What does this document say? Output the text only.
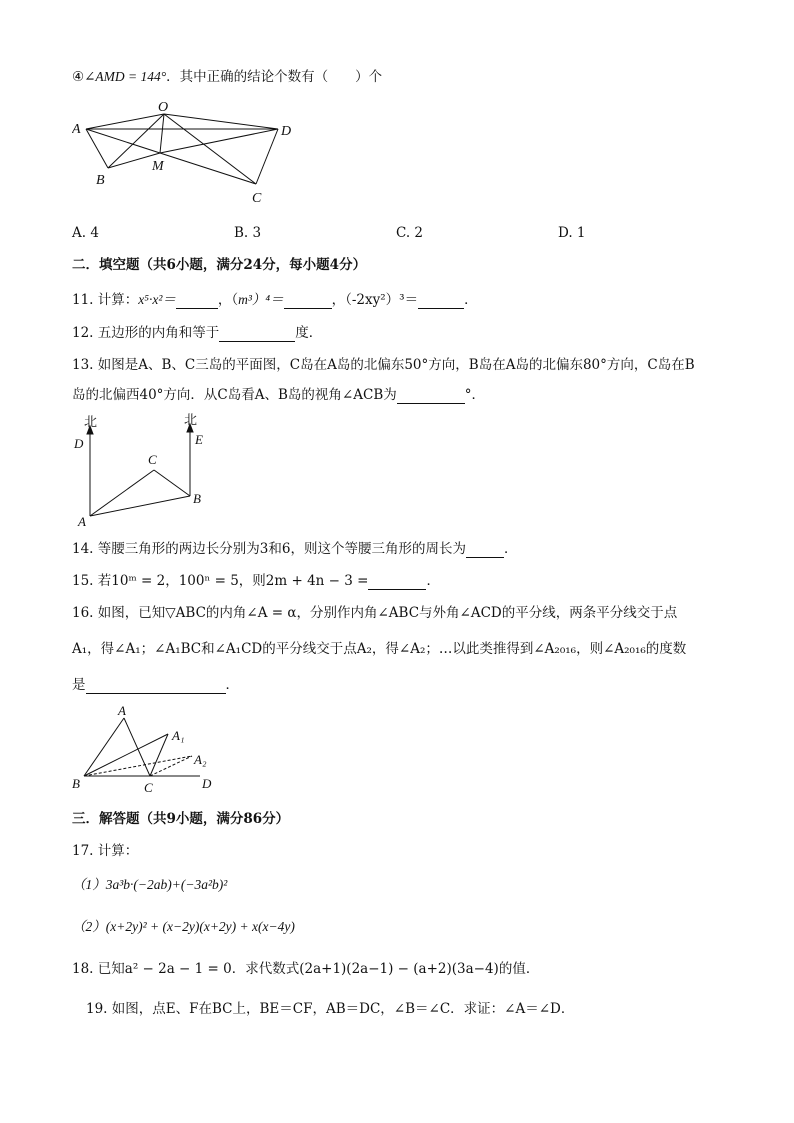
④∠AMD = 144°．其中正确的结论个数有（　　）个
A
O
D
B
M
C
A. 4	B. 3	C. 2	D. 1
二．填空题（共6小题，满分24分，每小题4分）
11. 计算：x⁵·x²＝	，（m³）⁴＝	，（-2xy²）³＝	．
12. 五边形的内角和等于	度．
13. 如图是A、B、C三岛的平面图，C岛在A岛的北偏东50°方向，B岛在A岛的北偏东80°方向，C岛在B
岛的北偏西40°方向．从C岛看A、B岛的视角∠ACB为	°．
北	北
D	E
C
B
A
14. 等腰三角形的两边长分别为3和6，则这个等腰三角形的周长为	．
15. 若10ᵐ = 2，100ⁿ = 5，则2m + 4n − 3 =	．
16. 如图，已知▽ABC的内角∠A = α，分别作内角∠ABC与外角∠ACD的平分线，两条平分线交于点
A₁，得∠A₁；∠A₁BC和∠A₁CD的平分线交于点A₂，得∠A₂；…以此类推得到∠A₂₀₁₆，则∠A₂₀₁₆的度数
是	．
A
A₁
A₂
B	C	D
三．解答题（共9小题，满分86分）
17. 计算：
（1）3a³b·(−2ab)+(−3a²b)²
（2）(x+2y)² + (x−2y)(x+2y) + x(x−4y)
18. 已知a² − 2a − 1 = 0．求代数式(2a+1)(2a−1) − (a+2)(3a−4)的值．
19. 如图，点E、F在BC上，BE＝CF，AB＝DC，∠B＝∠C．求证：∠A＝∠D．
